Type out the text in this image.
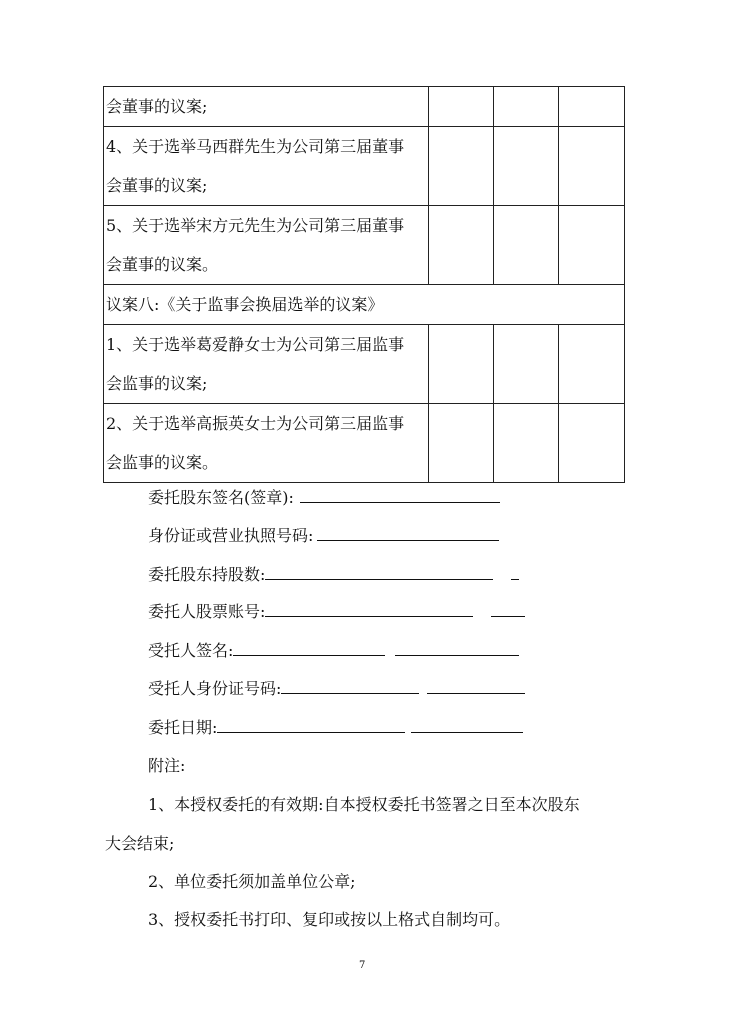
会董事的议案;			

4、关于选举马西群先生为公司第三届董事
会董事的议案;			

5、关于选举宋方元先生为公司第三届董事
会董事的议案。			

议案八:《关于监事会换届选举的议案》			

1、关于选举葛爱静女士为公司第三届监事
会监事的议案;			

2、关于选举高振英女士为公司第三届监事
会监事的议案。			

委托股东签名(签章):
身份证或营业执照号码:
委托股东持股数:
委托人股票账号:
受托人签名:
受托人身份证号码:
委托日期:
附注:
1、本授权委托的有效期:自本授权委托书签署之日至本次股东
大会结束;
2、单位委托须加盖单位公章;
3、授权委托书打印、复印或按以上格式自制均可。
7
